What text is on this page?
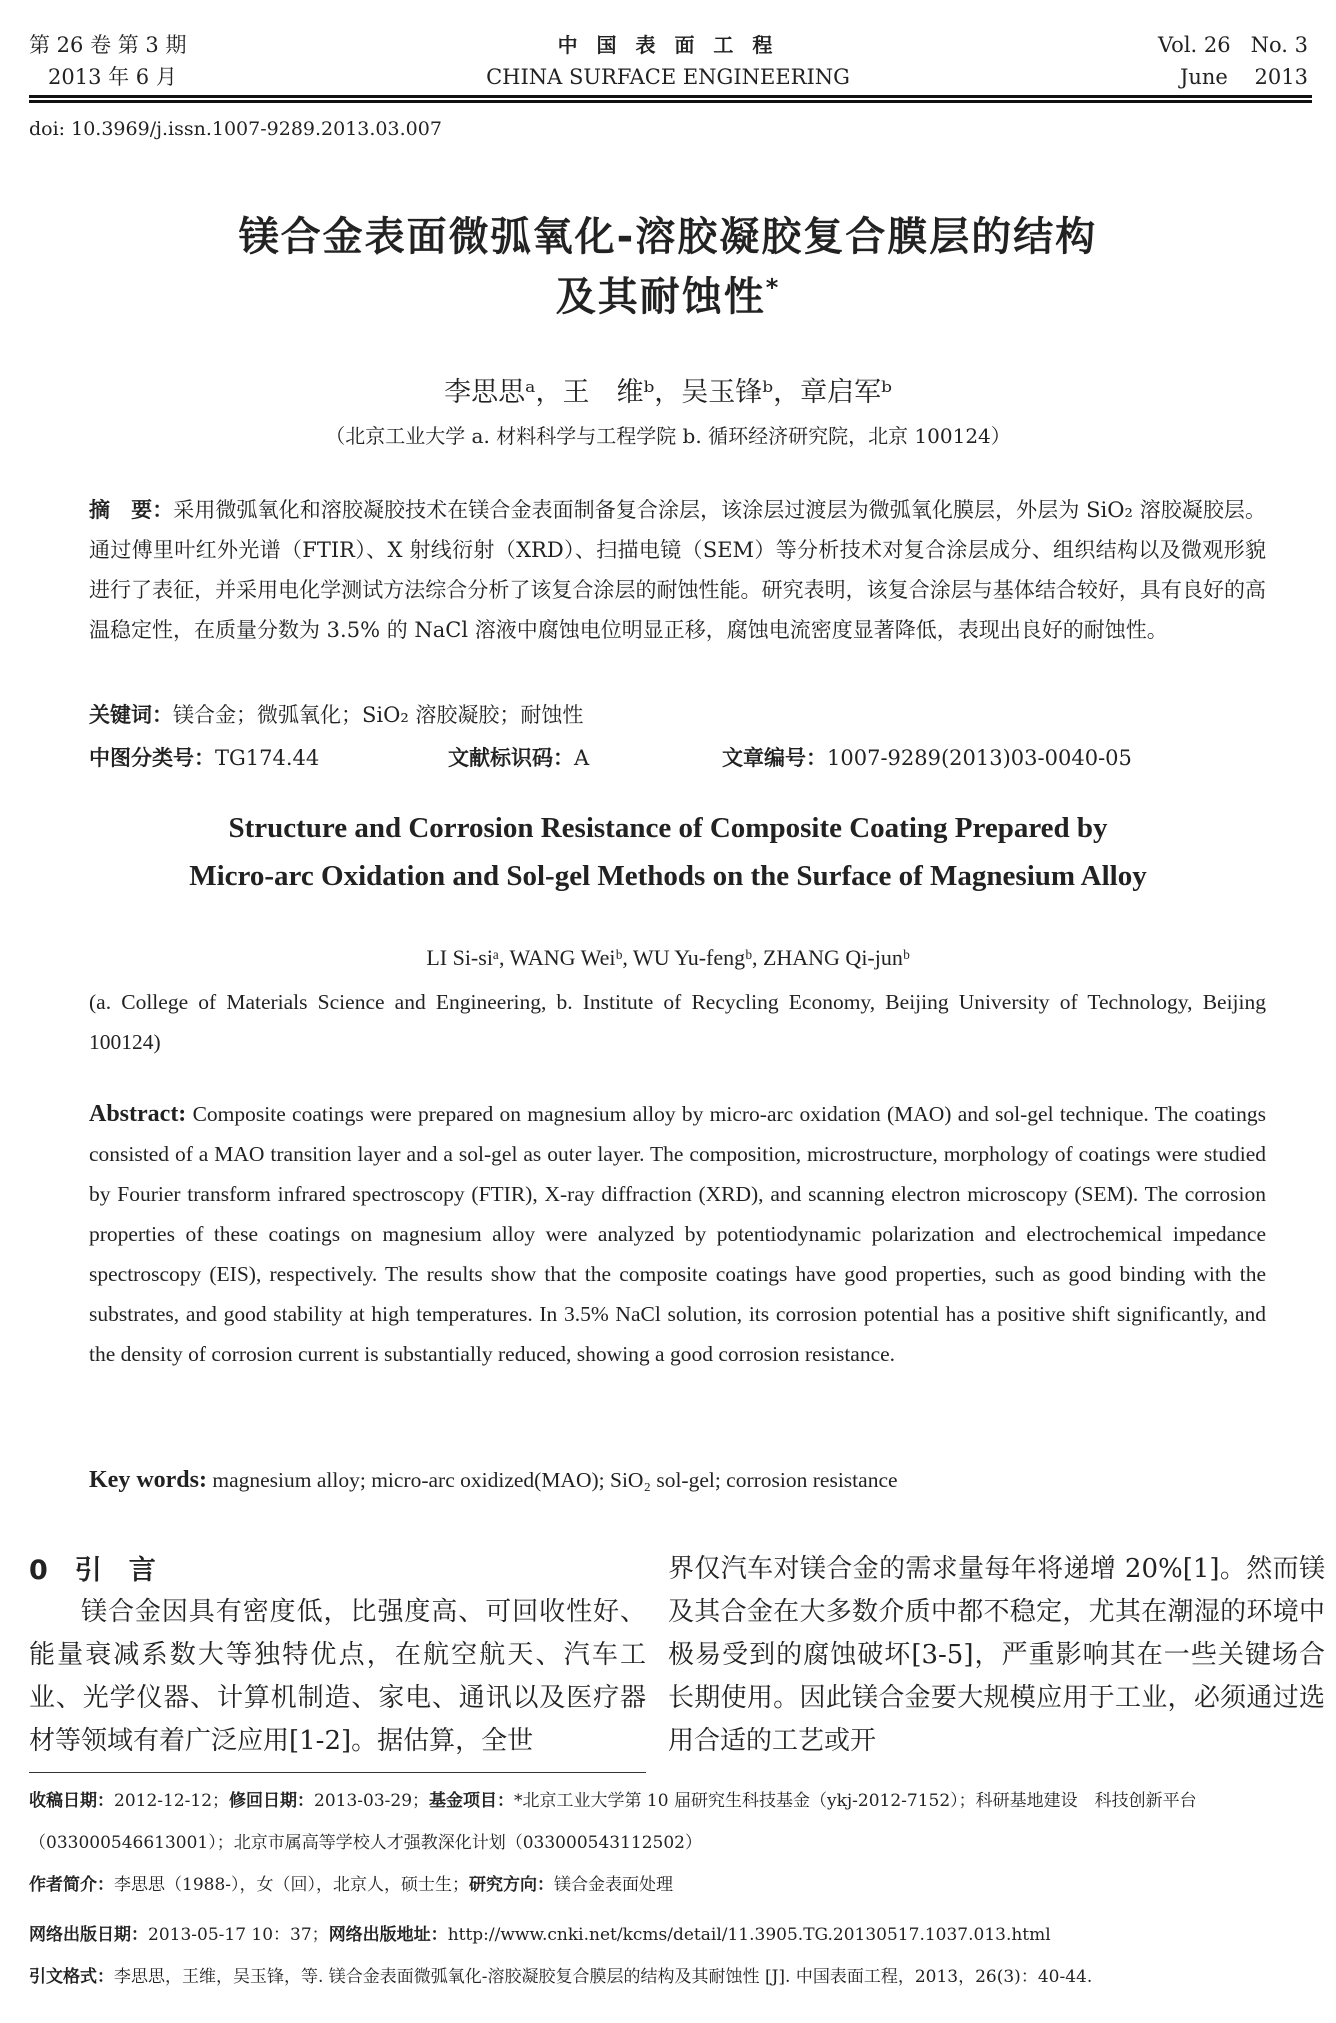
第 26 卷 第 3 期
2013 年 6 月
中 国 表 面 工 程
CHINA SURFACE ENGINEERING
Vol. 26   No. 3
June    2013
doi: 10.3969/j.issn.1007-9289.2013.03.007
镁合金表面微弧氧化-溶胶凝胶复合膜层的结构
及其耐蚀性*
李思思ᵃ，王　维ᵇ，吴玉锋ᵇ，章启军ᵇ
（北京工业大学 a. 材料科学与工程学院 b. 循环经济研究院，北京 100124）
摘　要：采用微弧氧化和溶胶凝胶技术在镁合金表面制备复合涂层，该涂层过渡层为微弧氧化膜层，外层为 SiO₂ 溶胶凝胶层。通过傅里叶红外光谱（FTIR）、X 射线衍射（XRD）、扫描电镜（SEM）等分析技术对复合涂层成分、组织结构以及微观形貌进行了表征，并采用电化学测试方法综合分析了该复合涂层的耐蚀性能。研究表明，该复合涂层与基体结合较好，具有良好的高温稳定性，在质量分数为 3.5% 的 NaCl 溶液中腐蚀电位明显正移，腐蚀电流密度显著降低，表现出良好的耐蚀性。
关键词：镁合金；微弧氧化；SiO₂ 溶胶凝胶；耐蚀性
中图分类号：TG174.44	文献标识码：A	文章编号：1007-9289(2013)03-0040-05
Structure and Corrosion Resistance of Composite Coating Prepared by
Micro-arc Oxidation and Sol-gel Methods on the Surface of Magnesium Alloy
LI Si-siᵃ, WANG Weiᵇ, WU Yu-fengᵇ, ZHANG Qi-junᵇ
(a. College of Materials Science and Engineering, b. Institute of Recycling Economy, Beijing University of Technology, Beijing 100124)
Abstract: Composite coatings were prepared on magnesium alloy by micro-arc oxidation (MAO) and sol-gel technique. The coatings consisted of a MAO transition layer and a sol-gel as outer layer. The composition, microstructure, morphology of coatings were studied by Fourier transform infrared spectroscopy (FTIR), X-ray diffraction (XRD), and scanning electron microscopy (SEM). The corrosion properties of these coatings on magnesium alloy were analyzed by potentiodynamic polarization and electrochemical impedance spectroscopy (EIS), respectively. The results show that the composite coatings have good properties, such as good binding with the substrates, and good stability at high temperatures. In 3.5% NaCl solution, its corrosion potential has a positive shift significantly, and the density of corrosion current is substantially reduced, showing a good corrosion resistance.
Key words: magnesium alloy; micro-arc oxidized(MAO); SiO₂ sol-gel; corrosion resistance
0　 引　言
镁合金因具有密度低，比强度高、可回收性好、能量衰减系数大等独特优点，在航空航天、汽车工业、光学仪器、计算机制造、家电、通讯以及医疗器材等领域有着广泛应用[1-2]。据估算，全世
界仅汽车对镁合金的需求量每年将递增 20%[1]。然而镁及其合金在大多数介质中都不稳定，尤其在潮湿的环境中极易受到的腐蚀破坏[3-5]，严重影响其在一些关键场合长期使用。因此镁合金要大规模应用于工业，必须通过选用合适的工艺或开
收稿日期：2012-12-12；修回日期：2013-03-29；基金项目：*北京工业大学第 10 届研究生科技基金（ykj-2012-7152）；科研基地建设　科技创新平台（033000546613001）；北京市属高等学校人才强教深化计划（033000543112502）
作者简介：李思思（1988-），女（回），北京人，硕士生；研究方向：镁合金表面处理
网络出版日期：2013-05-17 10：37；网络出版地址：http://www.cnki.net/kcms/detail/11.3905.TG.20130517.1037.013.html
引文格式：李思思，王维，吴玉锋，等. 镁合金表面微弧氧化-溶胶凝胶复合膜层的结构及其耐蚀性 [J]. 中国表面工程，2013，26(3)：40-44.
